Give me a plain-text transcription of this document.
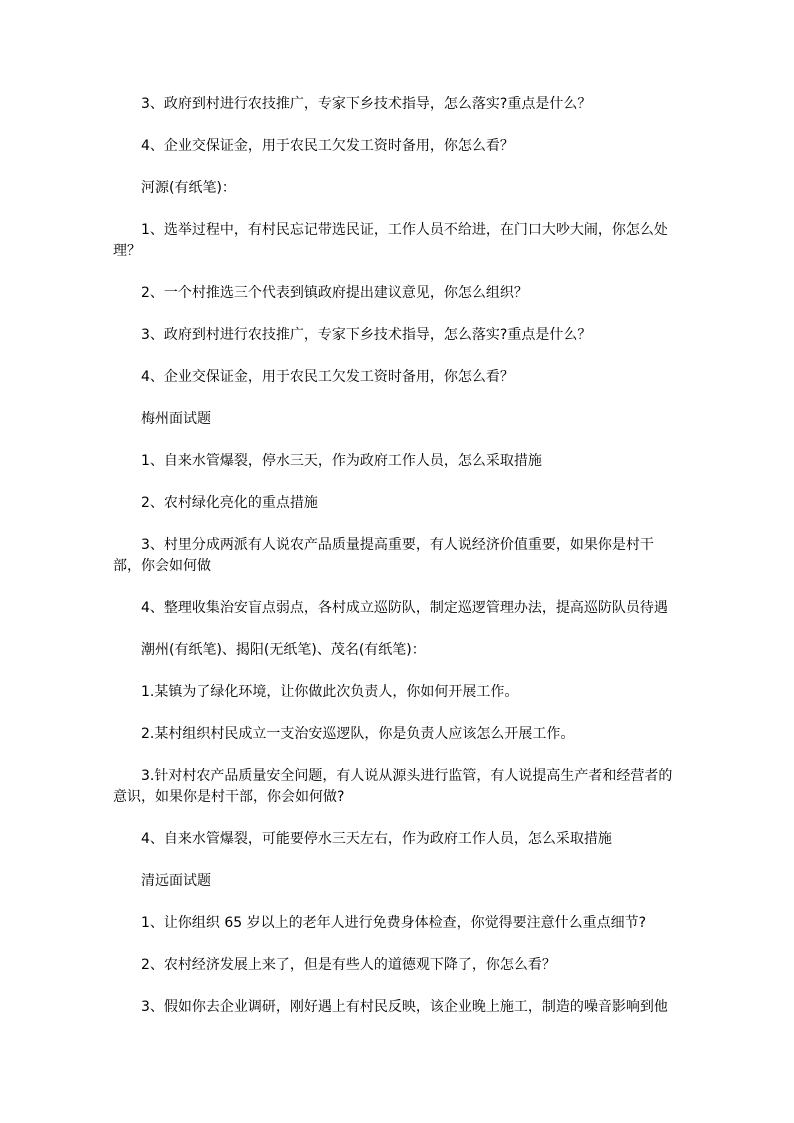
3、政府到村进行农技推广，专家下乡技术指导，怎么落实?重点是什么？

4、企业交保证金，用于农民工欠发工资时备用，你怎么看？

河源(有纸笔)：

1、选举过程中，有村民忘记带选民证，工作人员不给进，在门口大吵大闹，你怎么处理？

2、一个村推选三个代表到镇政府提出建议意见，你怎么组织？

3、政府到村进行农技推广，专家下乡技术指导，怎么落实?重点是什么？

4、企业交保证金，用于农民工欠发工资时备用，你怎么看？

梅州面试题

1、自来水管爆裂，停水三天，作为政府工作人员，怎么采取措施

2、农村绿化亮化的重点措施

3、村里分成两派有人说农产品质量提高重要，有人说经济价值重要，如果你是村干部，你会如何做

4、整理收集治安盲点弱点，各村成立巡防队，制定巡逻管理办法，提高巡防队员待遇

潮州(有纸笔)、揭阳(无纸笔)、茂名(有纸笔)：

1.某镇为了绿化环境，让你做此次负责人，你如何开展工作。

2.某村组织村民成立一支治安巡逻队，你是负责人应该怎么开展工作。

3.针对村农产品质量安全问题，有人说从源头进行监管，有人说提高生产者和经营者的意识，如果你是村干部，你会如何做?

4、自来水管爆裂，可能要停水三天左右，作为政府工作人员，怎么采取措施

清远面试题

1、让你组织 65 岁以上的老年人进行免费身体检查，你觉得要注意什么重点细节?

2、农村经济发展上来了，但是有些人的道德观下降了，你怎么看？

3、假如你去企业调研，刚好遇上有村民反映，该企业晚上施工，制造的噪音影响到他
